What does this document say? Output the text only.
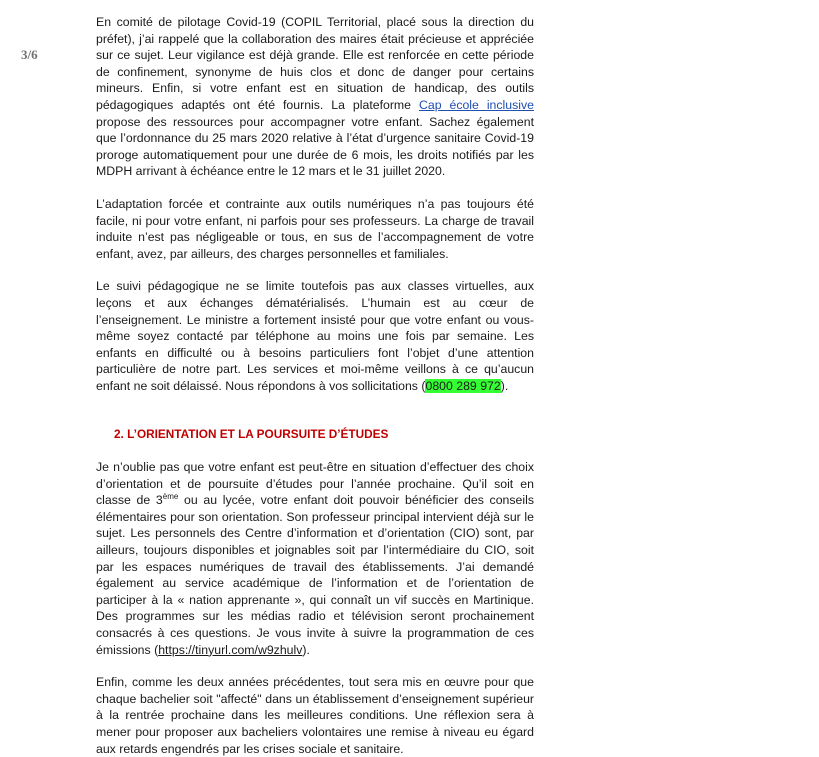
3/6

En comité de pilotage Covid-19 (COPIL Territorial, placé sous la direction du préfet), j’ai rappelé que la collaboration des maires était précieuse et appréciée sur ce sujet. Leur vigilance est déjà grande. Elle est renforcée en cette période de confinement, synonyme de huis clos et donc de danger pour certains mineurs. Enfin, si votre enfant est en situation de handicap, des outils pédagogiques adaptés ont été fournis. La plateforme Cap école inclusive propose des ressources pour accompagner votre enfant. Sachez également que l’ordonnance du 25 mars 2020 relative à l’état d’urgence sanitaire Covid-19 proroge automatiquement pour une durée de 6 mois, les droits notifiés par les MDPH arrivant à échéance entre le 12 mars et le 31 juillet 2020.

L’adaptation forcée et contrainte aux outils numériques n’a pas toujours été facile, ni pour votre enfant, ni parfois pour ses professeurs. La charge de travail induite n’est pas négligeable or tous, en sus de l’accompagnement de votre enfant, avez, par ailleurs, des charges personnelles et familiales.

Le suivi pédagogique ne se limite toutefois pas aux classes virtuelles, aux leçons et aux échanges dématérialisés. L’humain est au cœur de l’enseignement. Le ministre a fortement insisté pour que votre enfant ou vous-même soyez contacté par téléphone au moins une fois par semaine. Les enfants en difficulté ou à besoins particuliers font l’objet d’une attention particulière de notre part. Les services et moi-même veillons à ce qu’aucun enfant ne soit délaissé. Nous répondons à vos sollicitations (0800 289 972).

2. L’ORIENTATION ET LA POURSUITE D’ÉTUDES

Je n’oublie pas que votre enfant est peut-être en situation d’effectuer des choix d’orientation et de poursuite d’études pour l’année prochaine. Qu’il soit en classe de 3ème ou au lycée, votre enfant doit pouvoir bénéficier des conseils élémentaires pour son orientation. Son professeur principal intervient déjà sur le sujet. Les personnels des Centre d’information et d’orientation (CIO) sont, par ailleurs, toujours disponibles et joignables soit par l’intermédiaire du CIO, soit par les espaces numériques de travail des établissements. J’ai demandé également au service académique de l’information et de l’orientation de participer à la « nation apprenante », qui connaît un vif succès en Martinique. Des programmes sur les médias radio et télévision seront prochainement consacrés à ces questions. Je vous invite à suivre la programmation de ces émissions (https://tinyurl.com/w9zhulv).

Enfin, comme les deux années précédentes, tout sera mis en œuvre pour que chaque bachelier soit "affecté" dans un établissement d’enseignement supérieur à la rentrée prochaine dans les meilleures conditions. Une réflexion sera à mener pour proposer aux bacheliers volontaires une remise à niveau eu égard aux retards engendrés par les crises sociale et sanitaire.
